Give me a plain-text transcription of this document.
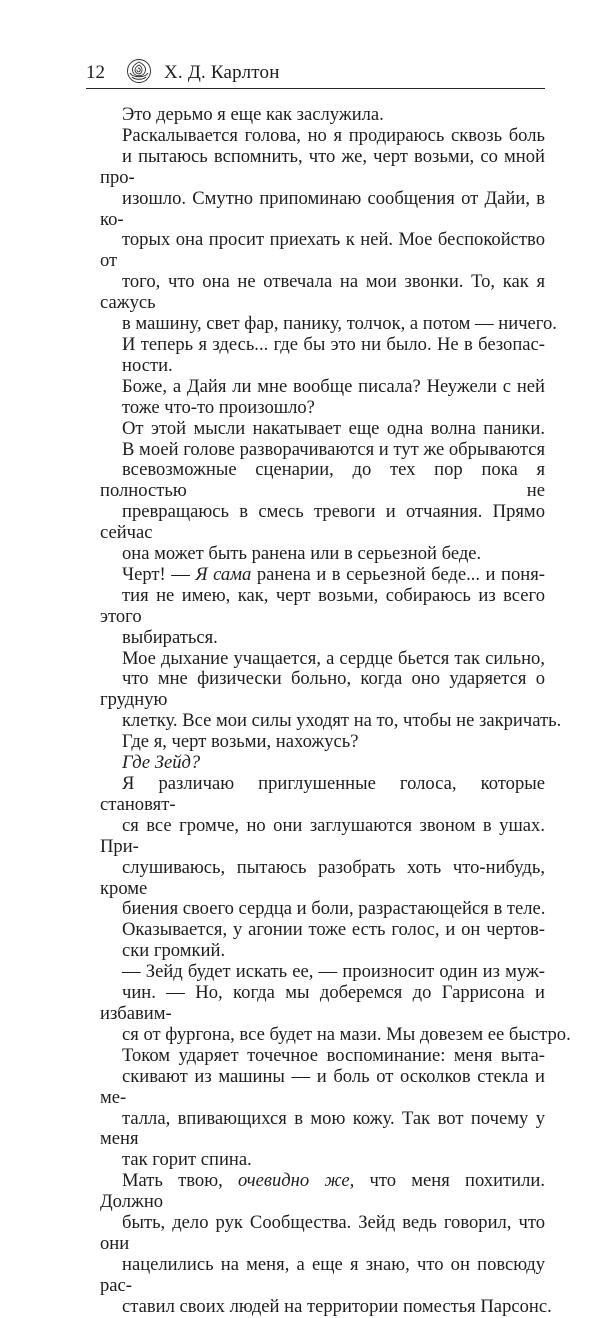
12	Х. Д. Карлтон

Это дерьмо я еще как заслужила.

Раскалывается голова, но я продираюсь сквозь боль
и пытаюсь вспомнить, что же, черт возьми, со мной про-
изошло. Смутно припоминаю сообщения от Дайи, в ко-
торых она просит приехать к ней. Мое беспокойство от
того, что она не отвечала на мои звонки. То, как я сажусь
в машину, свет фар, панику, толчок, а потом — ничего.

И теперь я здесь... где бы это ни было. Не в безопас-
ности.

Боже, а Дайя ли мне вообще писала? Неужели с ней
тоже что-то произошло?

От этой мысли накатывает еще одна волна паники.
В моей голове разворачиваются и тут же обрываются
всевозможные сценарии, до тех пор пока я полностью не
превращаюсь в смесь тревоги и отчаяния. Прямо сейчас
она может быть ранена или в серьезной беде.

Черт! — Я сама ранена и в серьезной беде... и поня-
тия не имею, как, черт возьми, собираюсь из всего этого
выбираться.

Мое дыхание учащается, а сердце бьется так сильно,
что мне физически больно, когда оно ударяется о грудную
клетку. Все мои силы уходят на то, чтобы не закричать.

Где я, черт возьми, нахожусь?

Где Зейд?

Я различаю приглушенные голоса, которые становят-
ся все громче, но они заглушаются звоном в ушах. При-
слушиваюсь, пытаюсь разобрать хоть что-нибудь, кроме
биения своего сердца и боли, разрастающейся в теле.

Оказывается, у агонии тоже есть голос, и он чертов-
ски громкий.

— Зейд будет искать ее, — произносит один из муж-
чин. — Но, когда мы доберемся до Гаррисона и избавим-
ся от фургона, все будет на мази. Мы довезем ее быстро.

Током ударяет точечное воспоминание: меня выта-
скивают из машины — и боль от осколков стекла и ме-
талла, впивающихся в мою кожу. Так вот почему у меня
так горит спина.

Мать твою, очевидно же, что меня похитили. Должно
быть, дело рук Сообщества. Зейд ведь говорил, что они
нацелились на меня, а еще я знаю, что он повсюду рас-
ставил своих людей на территории поместья Парсонс.
